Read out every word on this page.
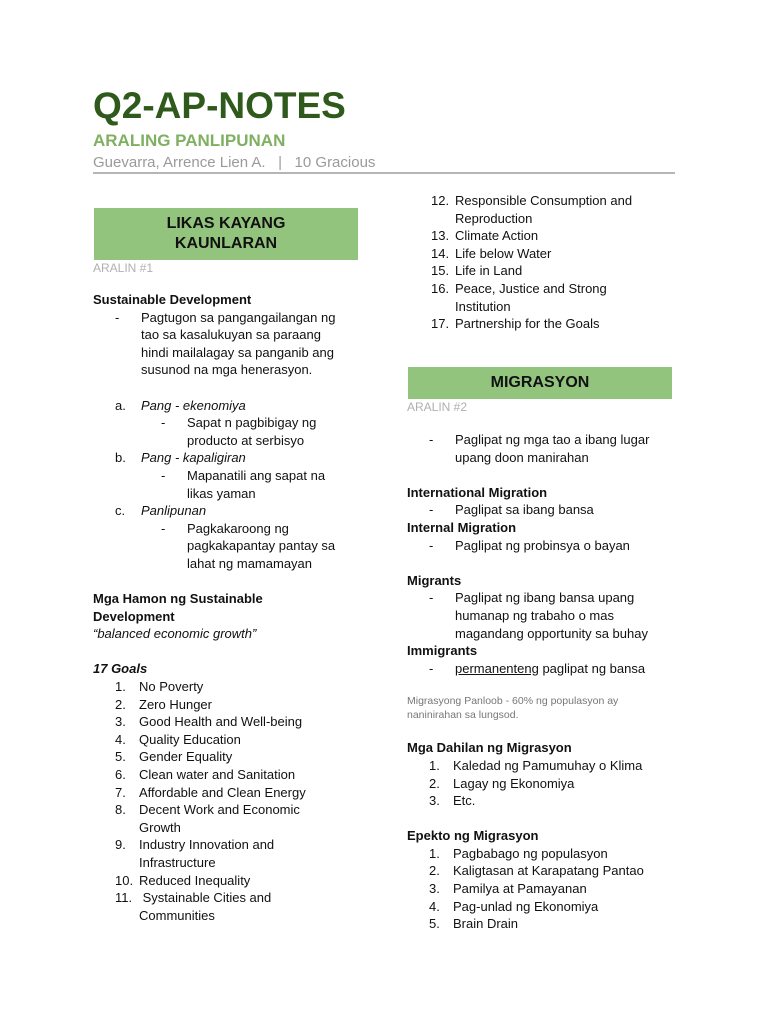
Q2-AP-NOTES
ARALING PANLIPUNAN
Guevarra, Arrence Lien A. | 10 Gracious
LIKAS KAYANG
KAUNLARAN
ARALIN #1
Sustainable Development
-	Pagtugon sa pangangailangan ng
tao sa kasalukuyan sa paraang
hindi mailalagay sa panganib ang
susunod na mga henerasyon.
a.	Pang - ekenomiya
-	Sapat n pagbibigay ng
producto at serbisyo
b.	Pang - kapaligiran
-	Mapanatili ang sapat na
likas yaman
c.	Panlipunan
-	Pagkakaroong ng
pagkakapantay pantay sa
lahat ng mamamayan
Mga Hamon ng Sustainable
Development
“balanced economic growth”
17 Goals
1.	No Poverty
2.	Zero Hunger
3.	Good Health and Well-being
4.	Quality Education
5.	Gender Equality
6.	Clean water and Sanitation
7.	Affordable and Clean Energy
8.	Decent Work and Economic
Growth
9.	Industry Innovation and
Infrastructure
10. Reduced Inequality
11. Systainable Cities and
Communities
12. Responsible Consumption and
Reproduction
13. Climate Action
14. Life below Water
15. Life in Land
16. Peace, Justice and Strong
Institution
17. Partnership for the Goals
MIGRASYON
ARALIN #2
-	Paglipat ng mga tao a ibang lugar
upang doon manirahan
International Migration
-	Paglipat sa ibang bansa
Internal Migration
-	Paglipat ng probinsya o bayan
Migrants
-	Paglipat ng ibang bansa upang
humanap ng trabaho o mas
magandang opportunity sa buhay
Immigrants
-	permanenteng paglipat ng bansa
Migrasyong Panloob - 60% ng populasyon ay
naninirahan sa lungsod.
Mga Dahilan ng Migrasyon
1.	Kaledad ng Pamumuhay o Klima
2.	Lagay ng Ekonomiya
3.	Etc.
Epekto ng Migrasyon
1.	Pagbabago ng populasyon
2.	Kaligtasan at Karapatang Pantao
3.	Pamilya at Pamayanan
4.	Pag-unlad ng Ekonomiya
5.	Brain Drain
